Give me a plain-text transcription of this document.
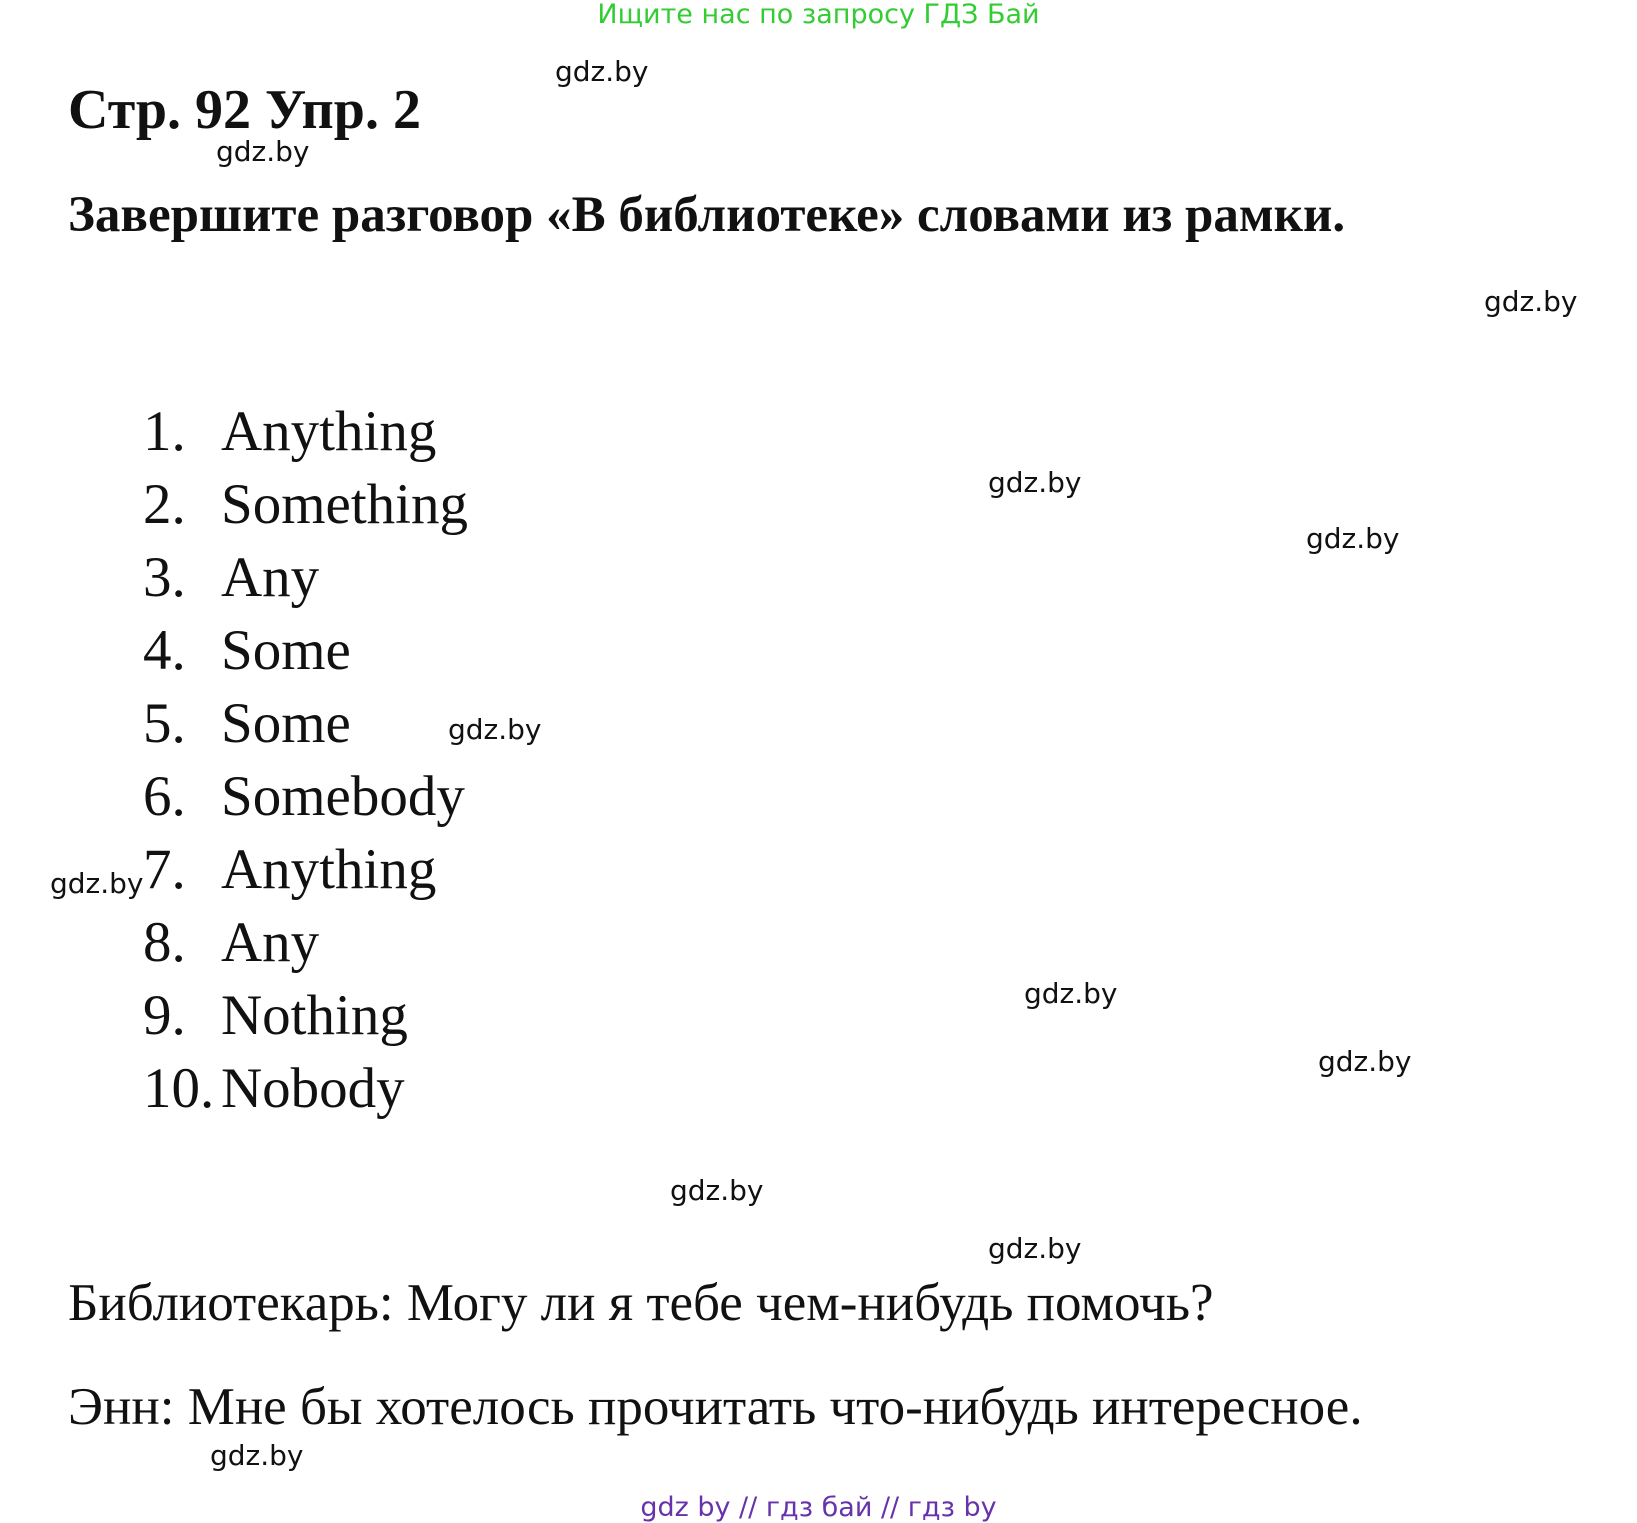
Ищите нас по запросу ГДЗ Бай
Стр. 92 Упр. 2
Завершите разговор «В библиотеке» словами из рамки.
1. Anything
2. Something
3. Any
4. Some
5. Some
6. Somebody
7. Anything
8. Any
9. Nothing
10. Nobody

Библиотекарь: Могу ли я тебе чем-нибудь помочь?

Энн: Мне бы хотелось прочитать что-нибудь интересное.

gdz.by
gdz.by
gdz.by
gdz.by
gdz.by
gdz.by
gdz.by
gdz.by
gdz.by
gdz.by
gdz.by
gdz.by
gdz by // гдз бай // гдз by
